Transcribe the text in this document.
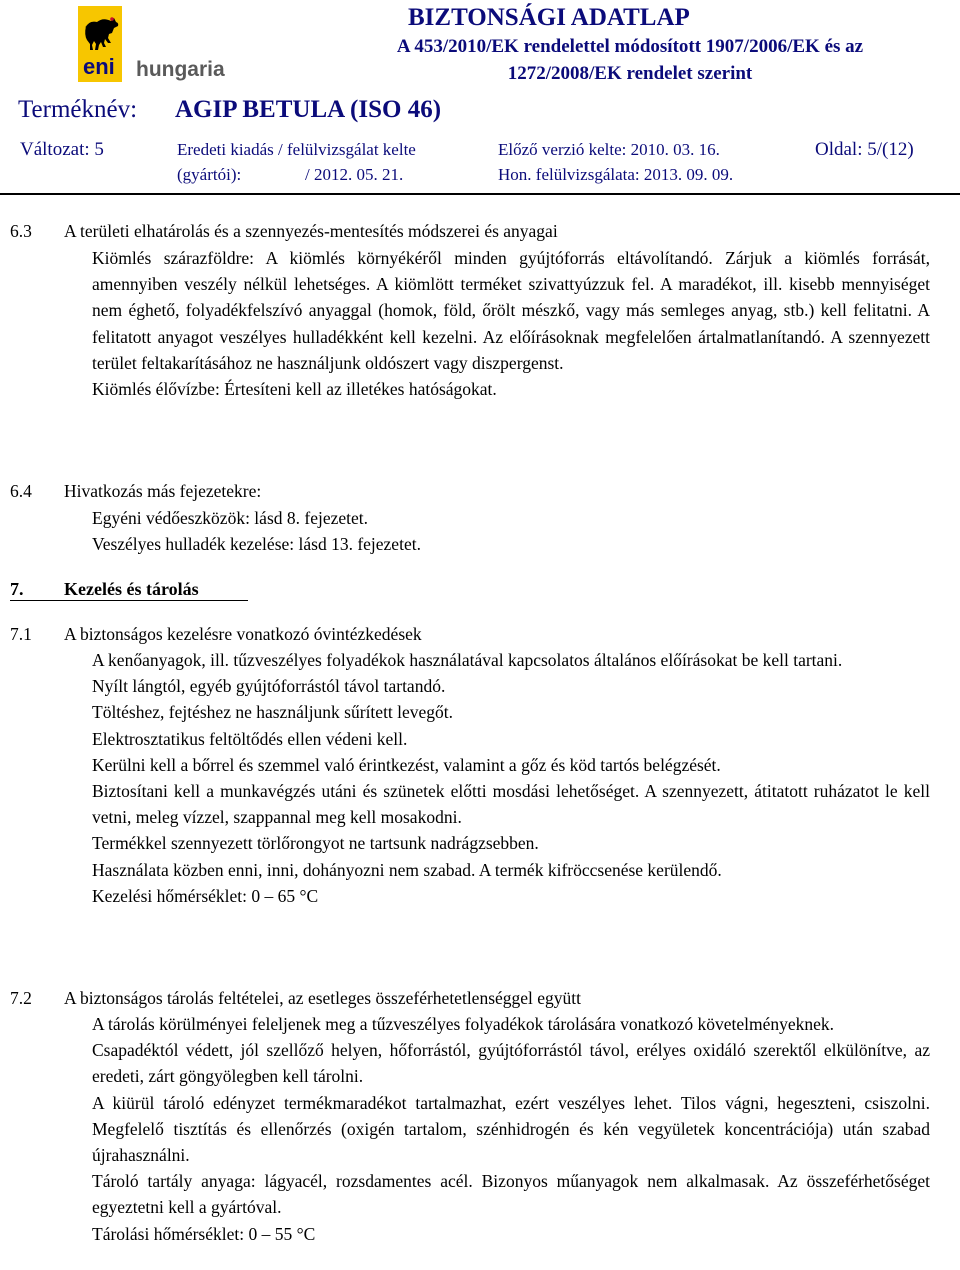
eni hungaria
BIZTONSÁGI ADATLAP
A 453/2010/EK rendelettel módosított 1907/2006/EK és az
1272/2008/EK rendelet szerint
Terméknév: AGIP BETULA (ISO 46)
Változat: 5	Eredeti kiadás / felülvizsgálat kelte
(gyártói):	/ 2012. 05. 21.
Előző verzió kelte: 2010. 03. 16.
Hon. felülvizsgálata: 2013. 09. 09.
Oldal: 5/(12)
6.3 A területi elhatárolás és a szennyezés-mentesítés módszerei és anyagai

Kiömlés szárazföldre: A kiömlés környékéről minden gyújtóforrás eltávolítandó. Zárjuk a kiömlés forrását, amennyiben veszély nélkül lehetséges. A kiömlött terméket szivattyúzzuk fel. A maradékot, ill. kisebb mennyiséget nem éghető, folyadékfelszívó anyaggal (homok, föld, őrölt mészkő, vagy más semleges anyag, stb.) kell felitatni. A felitatott anyagot veszélyes hulladékként kell kezelni. Az előírásoknak megfelelően ártalmatlanítandó. A szennyezett terület feltakarításához ne használjunk oldószert vagy diszpergenst.

Kiömlés élővízbe: Értesíteni kell az illetékes hatóságokat.

6.4 Hivatkozás más fejezetekre:

Egyéni védőeszközök: lásd 8. fejezetet.

Veszélyes hulladék kezelése: lásd 13. fejezetet.

7. Kezelés és tárolás
7.1 A biztonságos kezelésre vonatkozó óvintézkedések

A kenőanyagok, ill. tűzveszélyes folyadékok használatával kapcsolatos általános előírásokat be kell tartani.

Nyílt lángtól, egyéb gyújtóforrástól távol tartandó.

Töltéshez, fejtéshez ne használjunk sűrített levegőt.

Elektrosztatikus feltöltődés ellen védeni kell.

Kerülni kell a bőrrel és szemmel való érintkezést, valamint a gőz és köd tartós belégzését.

Biztosítani kell a munkavégzés utáni és szünetek előtti mosdási lehetőséget. A szennyezett, átitatott ruházatot le kell vetni, meleg vízzel, szappannal meg kell mosakodni.

Termékkel szennyezett törlőrongyot ne tartsunk nadrágzsebben.

Használata közben enni, inni, dohányozni nem szabad. A termék kifröccsenése kerülendő.

Kezelési hőmérséklet: 0 – 65 °C

7.2 A biztonságos tárolás feltételei, az esetleges összeférhetetlenséggel együtt

A tárolás körülményei feleljenek meg a tűzveszélyes folyadékok tárolására vonatkozó követelményeknek.

Csapadéktól védett, jól szellőző helyen, hőforrástól, gyújtóforrástól távol, erélyes oxidáló szerektől elkülönítve, az eredeti, zárt göngyölegben kell tárolni.

A kiürül tároló edényzet termékmaradékot tartalmazhat, ezért veszélyes lehet. Tilos vágni, hegeszteni, csiszolni. Megfelelő tisztítás és ellenőrzés (oxigén tartalom, szénhidrogén és kén vegyületek koncentrációja) után szabad újrahasználni.

Tároló tartály anyaga: lágyacél, rozsdamentes acél. Bizonyos műanyagok nem alkalmasak. Az összeférhetőséget egyeztetni kell a gyártóval.

Tárolási hőmérséklet: 0 – 55 °C
